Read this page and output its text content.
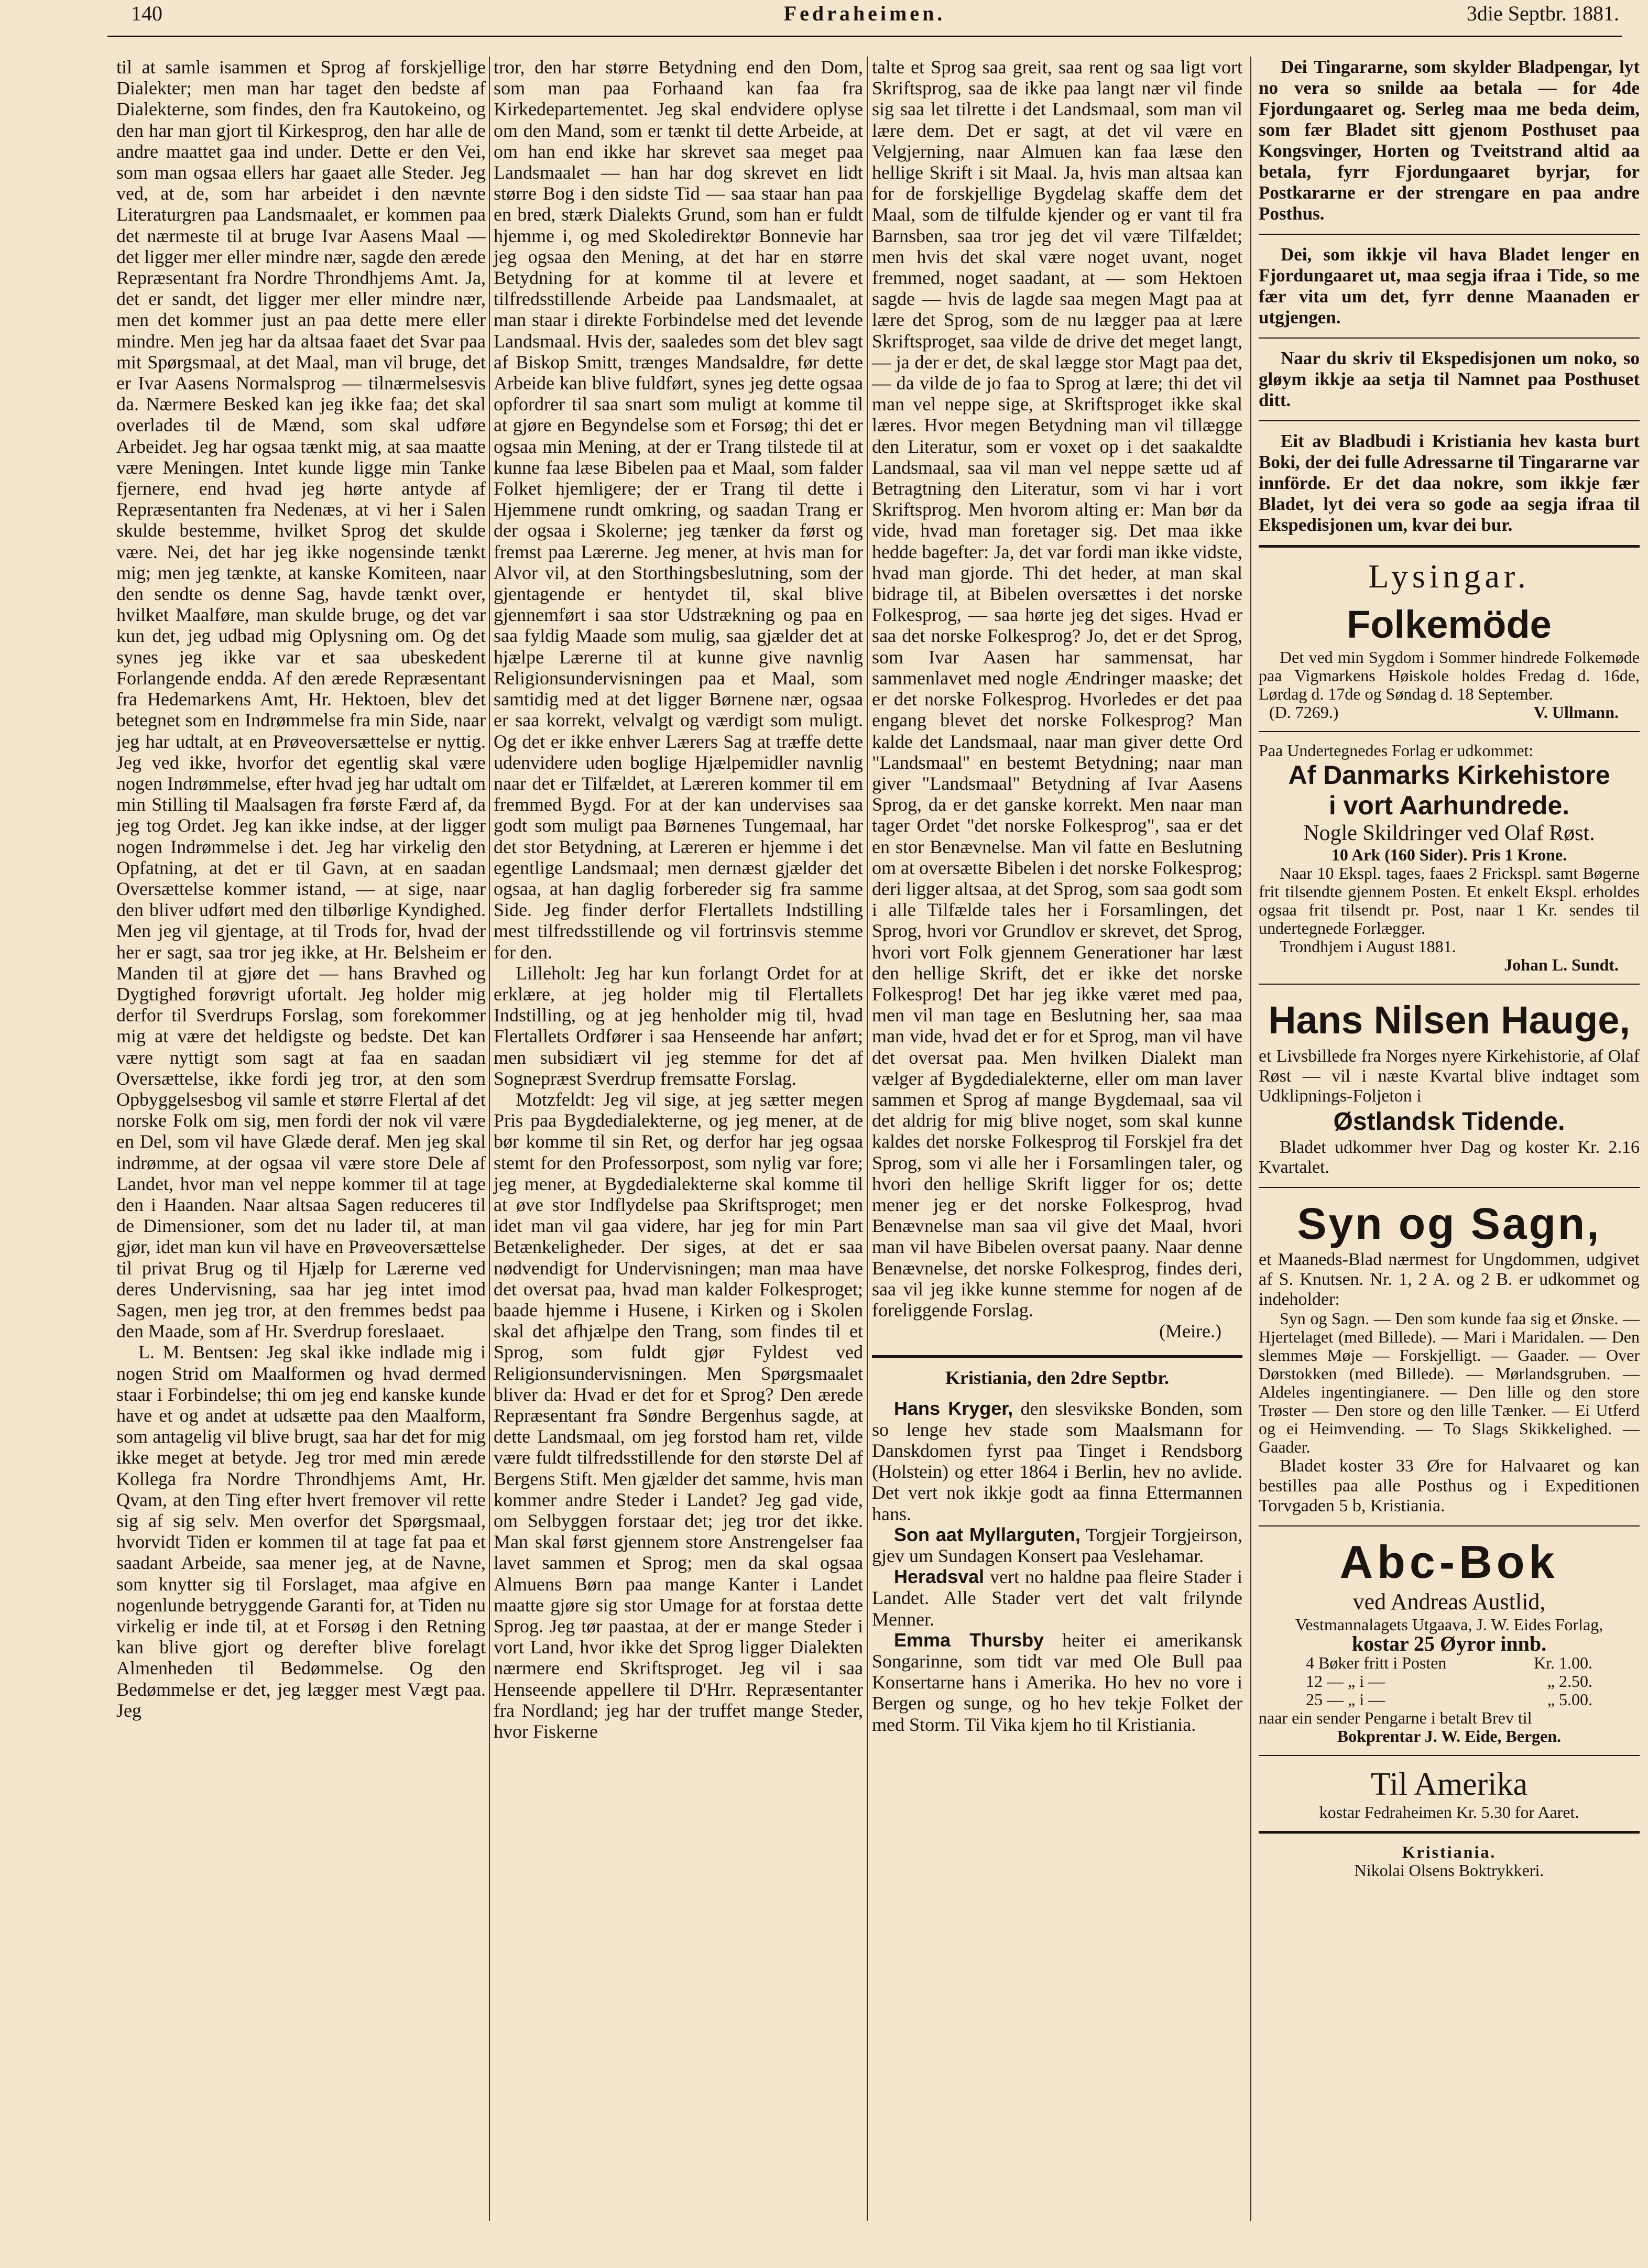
140	Fedraheimen.	3die Septbr. 1881.

til at samle isammen et Sprog af forskjellige Dialekter; men man har taget den bedste af Dialekterne, som findes, den fra Kautokeino, og den har man gjort til Kirkesprog, den har alle de andre maattet gaa ind under. Dette er den Vei, som man ogsaa ellers har gaaet alle Steder. Jeg ved, at de, som har arbeidet i den nævnte Literaturgren paa Landsmaalet, er kommen paa det nærmeste til at bruge Ivar Aasens Maal — det ligger mer eller mindre nær, sagde den ærede Repræsentant fra Nordre Throndhjems Amt. Ja, det er sandt, det ligger mer eller mindre nær, men det kommer just an paa dette mere eller mindre. Men jeg har da altsaa faaet det Svar paa mit Spørgsmaal, at det Maal, man vil bruge, det er Ivar Aasens Normalsprog — tilnærmelsesvis da. Nærmere Besked kan jeg ikke faa; det skal overlades til de Mænd, som skal udføre Arbeidet. Jeg har ogsaa tænkt mig, at saa maatte være Meningen. Intet kunde ligge min Tanke fjernere, end hvad jeg hørte antyde af Repræsentanten fra Nedenæs, at vi her i Salen skulde bestemme, hvilket Sprog det skulde være. Nei, det har jeg ikke nogensinde tænkt mig; men jeg tænkte, at kanske Komiteen, naar den sendte os denne Sag, havde tænkt over, hvilket Maalføre, man skulde bruge, og det var kun det, jeg udbad mig Oplysning om. Og det synes jeg ikke var et saa ubeskedent Forlangende endda. Af den ærede Repræsentant fra Hedemarkens Amt, Hr. Hektoen, blev det betegnet som en Indrømmelse fra min Side, naar jeg har udtalt, at en Prøveoversættelse er nyttig. Jeg ved ikke, hvorfor det egentlig skal være nogen Indrømmelse, efter hvad jeg har udtalt om min Stilling til Maalsagen fra første Færd af, da jeg tog Ordet. Jeg kan ikke indse, at der ligger nogen Indrømmelse i det. Jeg har virkelig den Opfatning, at det er til Gavn, at en saadan Oversættelse kommer istand, — at sige, naar den bliver udført med den tilbørlige Kyndighed. Men jeg vil gjentage, at til Trods for, hvad der her er sagt, saa tror jeg ikke, at Hr. Belsheim er Manden til at gjøre det — hans Bravhed og Dygtighed forøvrigt ufortalt. Jeg holder mig derfor til Sverdrups Forslag, som forekommer mig at være det heldigste og bedste. Det kan være nyttigt som sagt at faa en saadan Oversættelse, ikke fordi jeg tror, at den som Opbyggelsesbog vil samle et større Flertal af det norske Folk om sig, men fordi der nok vil være en Del, som vil have Glæde deraf. Men jeg skal indrømme, at der ogsaa vil være store Dele af Landet, hvor man vel neppe kommer til at tage den i Haanden. Naar altsaa Sagen reduceres til de Dimensioner, som det nu lader til, at man gjør, idet man kun vil have en Prøveoversættelse til privat Brug og til Hjælp for Lærerne ved deres Undervisning, saa har jeg intet imod Sagen, men jeg tror, at den fremmes bedst paa den Maade, som af Hr. Sverdrup foreslaaet.

L. M. Bentsen: Jeg skal ikke indlade mig i nogen Strid om Maalformen og hvad dermed staar i Forbindelse; thi om jeg end kanske kunde have et og andet at udsætte paa den Maalform, som antagelig vil blive brugt, saa har det for mig ikke meget at betyde. Jeg tror med min ærede Kollega fra Nordre Throndhjems Amt, Hr. Qvam, at den Ting efter hvert fremover vil rette sig af sig selv. Men overfor det Spørgsmaal, hvorvidt Tiden er kommen til at tage fat paa et saadant Arbeide, saa mener jeg, at de Navne, som knytter sig til Forslaget, maa afgive en nogenlunde betryggende Garanti for, at Tiden nu virkelig er inde til, at et Forsøg i den Retning kan blive gjort og derefter blive forelagt Almenheden til Bedømmelse. Og den Bedømmelse er det, jeg lægger mest Vægt paa. Jeg

tror, den har større Betydning end den Dom, som man paa Forhaand kan faa fra Kirkedepartementet. Jeg skal endvidere oplyse om den Mand, som er tænkt til dette Arbeide, at om han end ikke har skrevet saa meget paa Landsmaalet — han har dog skrevet en lidt større Bog i den sidste Tid — saa staar han paa en bred, stærk Dialekts Grund, som han er fuldt hjemme i, og med Skoledirektør Bonnevie har jeg ogsaa den Mening, at det har en større Betydning for at komme til at levere et tilfredsstillende Arbeide paa Landsmaalet, at man staar i direkte Forbindelse med det levende Landsmaal. Hvis der, saaledes som det blev sagt af Biskop Smitt, trænges Mandsaldre, før dette Arbeide kan blive fuldført, synes jeg dette ogsaa opfordrer til saa snart som muligt at komme til at gjøre en Begyndelse som et Forsøg; thi det er ogsaa min Mening, at der er Trang tilstede til at kunne faa læse Bibelen paa et Maal, som falder Folket hjemligere; der er Trang til dette i Hjemmene rundt omkring, og saadan Trang er der ogsaa i Skolerne; jeg tænker da først og fremst paa Lærerne. Jeg mener, at hvis man for Alvor vil, at den Storthingsbeslutning, som der gjentagende er hentydet til, skal blive gjennemført i saa stor Udstrækning og paa en saa fyldig Maade som mulig, saa gjælder det at hjælpe Lærerne til at kunne give navnlig Religionsundervisningen paa et Maal, som samtidig med at det ligger Børnene nær, ogsaa er saa korrekt, velvalgt og værdigt som muligt. Og det er ikke enhver Lærers Sag at træffe dette udenvidere uden boglige Hjælpemidler navnlig naar det er Tilfældet, at Læreren kommer til em fremmed Bygd. For at der kan undervises saa godt som muligt paa Børnenes Tungemaal, har det stor Betydning, at Læreren er hjemme i det egentlige Landsmaal; men dernæst gjælder det ogsaa, at han daglig forbereder sig fra samme Side. Jeg finder derfor Flertallets Indstilling mest tilfredsstillende og vil fortrinsvis stemme for den.

Lilleholt: Jeg har kun forlangt Ordet for at erklære, at jeg holder mig til Flertallets Indstilling, og at jeg henholder mig til, hvad Flertallets Ordfører i saa Henseende har anført; men subsidiært vil jeg stemme for det af Sognepræst Sverdrup fremsatte Forslag.

Motzfeldt: Jeg vil sige, at jeg sætter megen Pris paa Bygdedialekterne, og jeg mener, at de bør komme til sin Ret, og derfor har jeg ogsaa stemt for den Professorpost, som nylig var fore; jeg mener, at Bygdedialekterne skal komme til at øve stor Indflydelse paa Skriftsproget; men idet man vil gaa videre, har jeg for min Part Betænkeligheder. Der siges, at det er saa nødvendigt for Undervisningen; man maa have det oversat paa, hvad man kalder Folkesproget; baade hjemme i Husene, i Kirken og i Skolen skal det afhjælpe den Trang, som findes til et Sprog, som fuldt gjør Fyldest ved Religionsundervisningen. Men Spørgsmaalet bliver da: Hvad er det for et Sprog? Den ærede Repræsentant fra Søndre Bergenhus sagde, at dette Landsmaal, om jeg forstod ham ret, vilde være fuldt tilfredsstillende for den største Del af Bergens Stift. Men gjælder det samme, hvis man kommer andre Steder i Landet? Jeg gad vide, om Selbyggen forstaar det; jeg tror det ikke. Man skal først gjennem store Anstrengelser faa lavet sammen et Sprog; men da skal ogsaa Almuens Børn paa mange Kanter i Landet maatte gjøre sig stor Umage for at forstaa dette Sprog. Jeg tør paastaa, at der er mange Steder i vort Land, hvor ikke det Sprog ligger Dialekten nærmere end Skriftsproget. Jeg vil i saa Henseende appellere til D'Hrr. Repræsentanter fra Nordland; jeg har der truffet mange Steder, hvor Fiskerne

talte et Sprog saa greit, saa rent og saa ligt vort Skriftsprog, saa de ikke paa langt nær vil finde sig saa let tilrette i det Landsmaal, som man vil lære dem. Det er sagt, at det vil være en Velgjerning, naar Almuen kan faa læse den hellige Skrift i sit Maal. Ja, hvis man altsaa kan for de forskjellige Bygdelag skaffe dem det Maal, som de tilfulde kjender og er vant til fra Barnsben, saa tror jeg det vil være Tilfældet; men hvis det skal være noget uvant, noget fremmed, noget saadant, at — som Hektoen sagde — hvis de lagde saa megen Magt paa at lære det Sprog, som de nu lægger paa at lære Skriftsproget, saa vilde de drive det meget langt, — ja der er det, de skal lægge stor Magt paa det, — da vilde de jo faa to Sprog at lære; thi det vil man vel neppe sige, at Skriftsproget ikke skal læres. Hvor megen Betydning man vil tillægge den Literatur, som er voxet op i det saakaldte Landsmaal, saa vil man vel neppe sætte ud af Betragtning den Literatur, som vi har i vort Skriftsprog. Men hvorom alting er: Man bør da vide, hvad man foretager sig. Det maa ikke hedde bagefter: Ja, det var fordi man ikke vidste, hvad man gjorde. Thi det heder, at man skal bidrage til, at Bibelen oversættes i det norske Folkesprog, — saa hørte jeg det siges. Hvad er saa det norske Folkesprog? Jo, det er det Sprog, som Ivar Aasen har sammensat, har sammenlavet med nogle Ændringer maaske; det er det norske Folkesprog. Hvorledes er det paa engang blevet det norske Folkesprog? Man kalde det Landsmaal, naar man giver dette Ord "Landsmaal" en bestemt Betydning; naar man giver "Landsmaal" Betydning af Ivar Aasens Sprog, da er det ganske korrekt. Men naar man tager Ordet "det norske Folkesprog", saa er det en stor Benævnelse. Man vil fatte en Beslutning om at oversætte Bibelen i det norske Folkesprog; deri ligger altsaa, at det Sprog, som saa godt som i alle Tilfælde tales her i Forsamlingen, det Sprog, hvori vor Grundlov er skrevet, det Sprog, hvori vort Folk gjennem Generationer har læst den hellige Skrift, det er ikke det norske Folkesprog! Det har jeg ikke været med paa, men vil man tage en Beslutning her, saa maa man vide, hvad det er for et Sprog, man vil have det oversat paa. Men hvilken Dialekt man vælger af Bygdedialekterne, eller om man laver sammen et Sprog af mange Bygdemaal, saa vil det aldrig for mig blive noget, som skal kunne kaldes det norske Folkesprog til Forskjel fra det Sprog, som vi alle her i Forsamlingen taler, og hvori den hellige Skrift ligger for os; dette mener jeg er det norske Folkesprog, hvad Benævnelse man saa vil give det Maal, hvori man vil have Bibelen oversat paany. Naar denne Benævnelse, det norske Folkesprog, findes deri, saa vil jeg ikke kunne stemme for nogen af de foreliggende Forslag.

(Meire.)
Kristiania, den 2dre Septbr.

Hans Kryger, den slesvikske Bonden, som so lenge hev stade som Maalsmann for Danskdomen fyrst paa Tinget i Rendsborg (Holstein) og etter 1864 i Berlin, hev no avlide. Det vert nok ikkje godt aa finna Ettermannen hans.

Son aat Myllarguten, Torgjeir Torgjeirson, gjev um Sundagen Konsert paa Veslehamar.

Heradsval vert no haldne paa fleire Stader i Landet. Alle Stader vert det valt frilynde Menner.

Emma Thursby heiter ei amerikansk Songarinne, som tidt var med Ole Bull paa Konsertarne hans i Amerika. Ho hev no vore i Bergen og sunge, og ho hev tekje Folket der med Storm. Til Vika kjem ho til Kristiania.

Dei Tingararne, som skylder Bladpengar, lyt no vera so snilde aa betala — for 4de Fjordungaaret og. Serleg maa me beda deim, som fær Bladet sitt gjenom Posthuset paa Kongsvinger, Horten og Tveitstrand altid aa betala, fyrr Fjordungaaret byrjar, for Postkararne er der strengare en paa andre Posthus.

Dei, som ikkje vil hava Bladet lenger en Fjordungaaret ut, maa segja ifraa i Tide, so me fær vita um det, fyrr denne Maanaden er utgjengen.

Naar du skriv til Ekspedisjonen um noko, so gløym ikkje aa setja til Namnet paa Posthuset ditt.

Eit av Bladbudi i Kristiania hev kasta burt Boki, der dei fulle Adressarne til Tingararne var innförde. Er det daa nokre, som ikkje fær Bladet, lyt dei vera so gode aa segja ifraa til Ekspedisjonen um, kvar dei bur.

Lysingar.
Folkemöde
Det ved min Sygdom i Sommer hindrede Folkemøde paa Vigmarkens Høiskole holdes Fredag d. 16de, Lørdag d. 17de og Søndag d. 18 September.
(D. 7269.)	V. Ullmann.
Paa Undertegnedes Forlag er udkommet:
Af Danmarks Kirkehistore
i vort Aarhundrede.
Nogle Skildringer ved Olaf Røst.
10 Ark (160 Sider). Pris 1 Krone.
Naar 10 Ekspl. tages, faaes 2 Frickspl. samt Bøgerne frit tilsendte gjennem Posten. Et enkelt Ekspl. erholdes ogsaa frit tilsendt pr. Post, naar 1 Kr. sendes til undertegnede Forlægger.
Trondhjem i August 1881.
Johan L. Sundt.
Hans Nilsen Hauge,
et Livsbillede fra Norges nyere Kirkehistorie, af Olaf Røst — vil i næste Kvartal blive indtaget som Udklipnings-Foljeton i
Østlandsk Tidende.
Bladet udkommer hver Dag og koster Kr. 2.16 Kvartalet.
Syn og Sagn,
et Maaneds-Blad nærmest for Ungdommen, udgivet af S. Knutsen. Nr. 1, 2 A. og 2 B. er udkommet og indeholder:
Syn og Sagn. — Den som kunde faa sig et Ønske. — Hjertelaget (med Billede). — Mari i Maridalen. — Den slemmes Møje — Forskjelligt. — Gaader. — Over Dørstokken (med Billede). — Mørlandsgruben. — Aldeles ingentingianere. — Den lille og den store Trøster — Den store og den lille Tænker. — Ei Utferd og ei Heimvending. — To Slags Skikkelighed. — Gaader.
Bladet koster 33 Øre for Halvaaret og kan bestilles paa alle Posthus og i Expeditionen Torvgaden 5 b, Kristiania.
Abc-Bok
ved Andreas Austlid,
Vestmannalagets Utgaava, J. W. Eides Forlag,
kostar 25 Øyror innb.
4 Bøker fritt i Posten	Kr. 1.00.
12 — „ i —	„ 2.50.
25 — „ i —	„ 5.00.
naar ein sender Pengarne i betalt Brev til
Bokprentar J. W. Eide, Bergen.
Til Amerika
kostar Fedraheimen Kr. 5.30 for Aaret.
Kristiania.
Nikolai Olsens Boktrykkeri.
